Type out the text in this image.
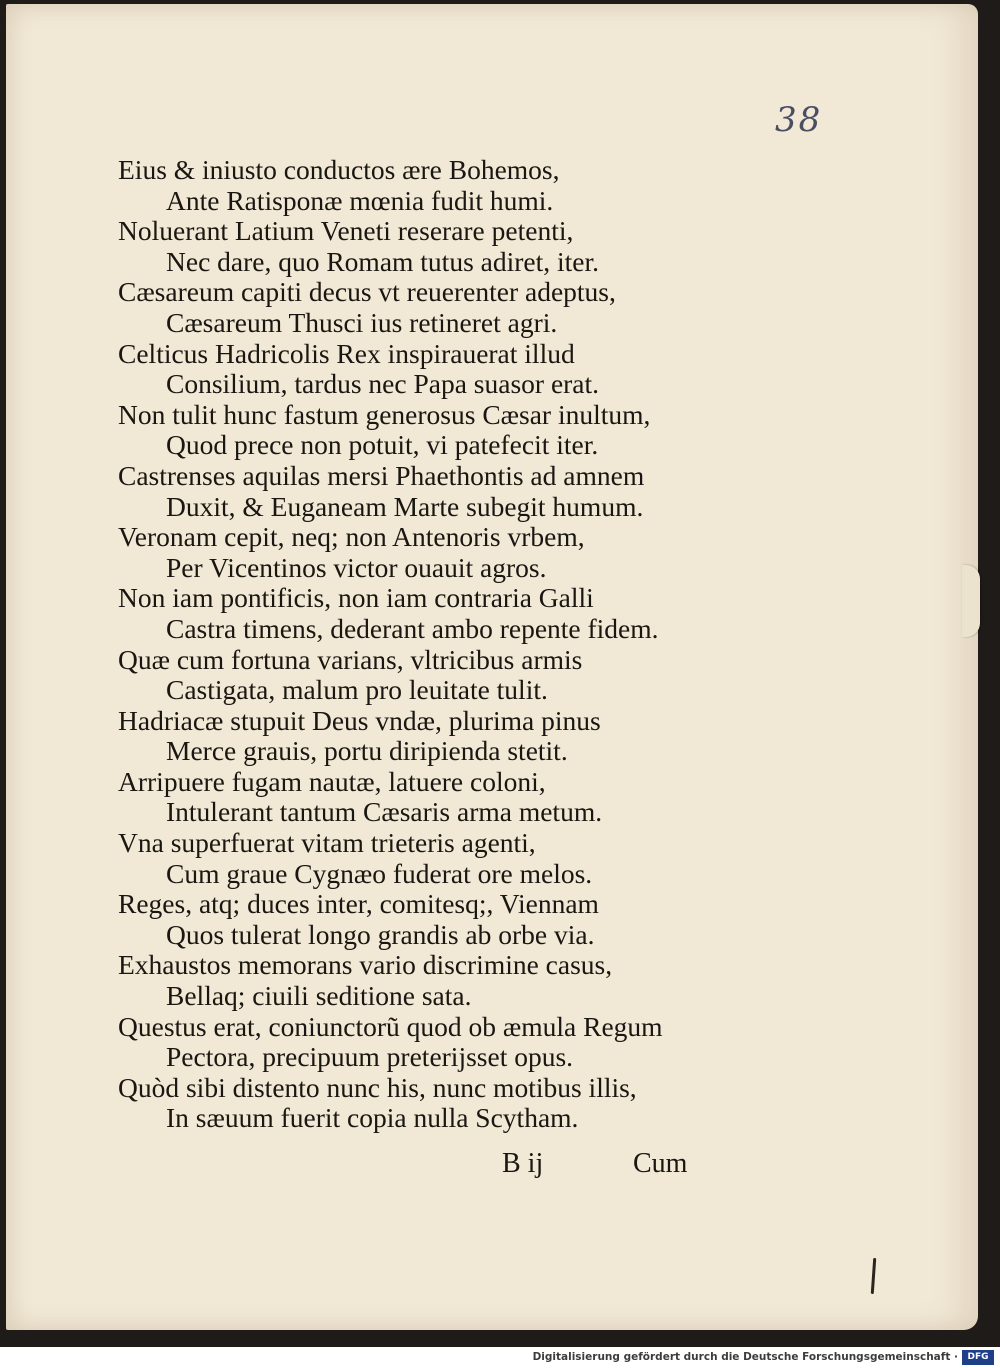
38
Eius & iniusto conductos ære Bohemos,
Ante Ratisponæ mœnia fudit humi.
Noluerant Latium Veneti reserare petenti,
Nec dare, quo Romam tutus adiret, iter.
Cæsareum capiti decus vt reuerenter adeptus,
Cæsareum Thusci ius retineret agri.
Celticus Hadricolis Rex inspirauerat illud
Consilium, tardus nec Papa suasor erat.
Non tulit hunc fastum generosus Cæsar inultum,
Quod prece non potuit, vi patefecit iter.
Castrenses aquilas mersi Phaethontis ad amnem
Duxit, & Euganeam Marte subegit humum.
Veronam cepit, neq; non Antenoris vrbem,
Per Vicentinos victor ouauit agros.
Non iam pontificis, non iam contraria Galli
Castra timens, dederant ambo repente fidem.
Quæ cum fortuna varians, vltricibus armis
Castigata, malum pro leuitate tulit.
Hadriacæ stupuit Deus vndæ, plurima pinus
Merce grauis, portu diripienda stetit.
Arripuere fugam nautæ, latuere coloni,
Intulerant tantum Cæsaris arma metum.
Vna superfuerat vitam trieteris agenti,
Cum graue Cygnæo fuderat ore melos.
Reges, atq; duces inter, comitesq;, Viennam
Quos tulerat longo grandis ab orbe via.
Exhaustos memorans vario discrimine casus,
Bellaq; ciuili seditione sata.
Questus erat, coniunctorũ quod ob æmula Regum
Pectora, precipuum preterijsset opus.
Quòd sibi distento nunc his, nunc motibus illis,
In sæuum fuerit copia nulla Scytham.
B ij	Cum
Digitalisierung gefördert durch die Deutsche Forschungsgemeinschaft ·	DFG
